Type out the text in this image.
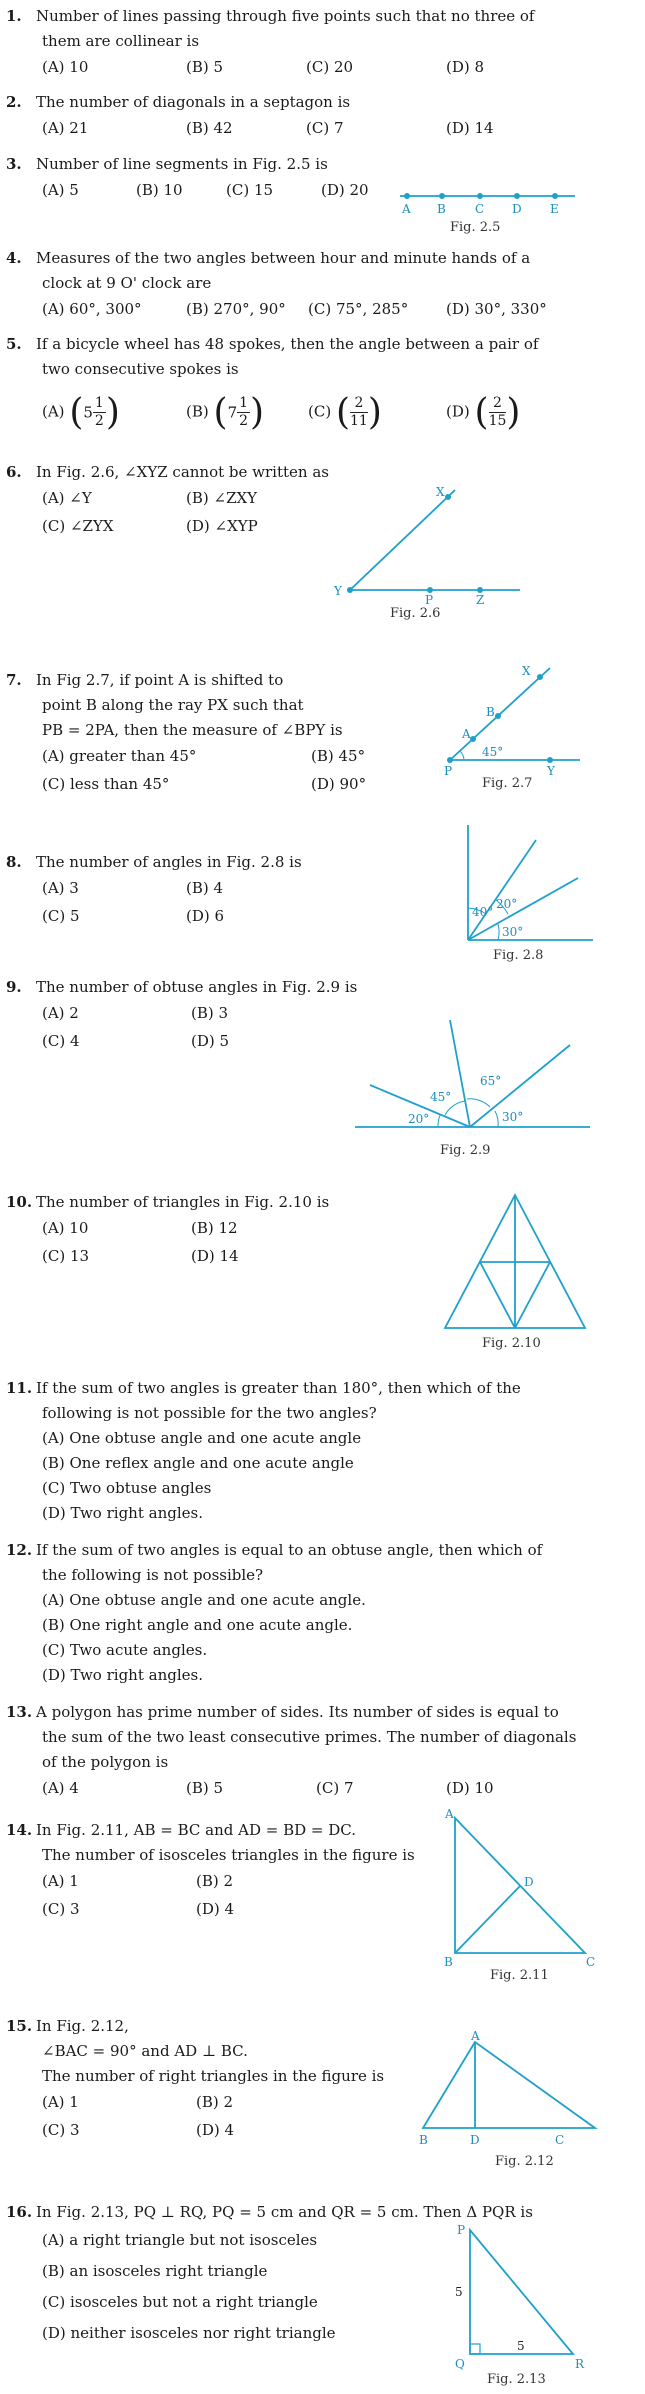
1. Number of lines passing through five points such that no three of
them are collinear is
(A) 10	(B) 5	(C) 20	(D) 8
2. The number of diagonals in a septagon is
(A) 21	(B) 42	(C) 7	(D) 14
3. Number of line segments in Fig. 2.5 is
(A) 5	(B) 10	(C) 15	(D) 20
A B C D E
Fig. 2.5
4. Measures of the two angles between hour and minute hands of a
clock at 9 O' clock are
(A) 60°, 300°	(B) 270°, 90° (C) 75°, 285°	(D) 30°, 330°
5. If a bicycle wheel has 48 spokes, then the angle between a pair of
two consecutive spokes is
(A) ($5 \frac{1}{2}$ )	(B) ($7 \frac{1}{2}$ )	(C) ( $\frac{2}{11}$ )	(D) ( $\frac{2}{15}$ )
6. In Fig. 2.6, ∠XYZ cannot be written as
(A) ∠Y	(B) ∠ZXY
(C) ∠ZYX	(D) ∠XYP
X
Y
P	Z
Fig. 2.6
7. In Fig 2.7, if point A is shifted to
point B along the ray PX such that
PB = 2PA, then the measure of ∠BPY is
(A) greater than 45°	(B) 45°
(C) less than 45°	(D) 90°
X
B
A
P	Y
45°
Fig. 2.7
8. The number of angles in Fig. 2.8 is
(A) 3	(B) 4
(C) 5	(D) 6	40°
20°
30°
Fig. 2.8
9. The number of obtuse angles in Fig. 2.9 is
(A) 2	(B) 3
(C) 4	(D) 5
45°
65°
20°	30°
Fig. 2.9
10. The number of triangles in Fig. 2.10 is
(A) 10	(B) 12
(C) 13	(D) 14
Fig. 2.10
11. If the sum of two angles is greater than 180°, then which of the
following is not possible for the two angles?
(A) One obtuse angle and one acute angle
(B) One reflex angle and one acute angle
(C) Two obtuse angles
(D) Two right angles.
12. If the sum of two angles is equal to an obtuse angle, then which of
the following is not possible?
(A) One obtuse angle and one acute angle.
(B) One right angle and one acute angle.
(C) Two acute angles.
(D) Two right angles.
13. A polygon has prime number of sides. Its number of sides is equal to
the sum of the two least consecutive primes. The number of diagonals
of the polygon is
(A) 4	(B) 5	(C) 7	(D) 10
14. In Fig. 2.11, AB = BC and AD = BD = DC.
The number of isosceles triangles in the figure is
(A) 1	(B) 2
(C) 3	(D) 4
A
D
B	C
Fig. 2.11
15. In Fig. 2.12,
∠BAC = 90° and AD ⊥ BC.
The number of right triangles in the figure is
(A) 1	(B) 2
(C) 3	(D) 4
A
B	D	C
Fig. 2.12
16. In Fig. 2.13, PQ ⊥ RQ, PQ = 5 cm and QR = 5 cm. Then Δ PQR is
(A) a right triangle but not isosceles
(B) an isosceles right triangle
(C) isosceles but not a right triangle
(D) neither isosceles nor right triangle
P
Q	R
5
5
Fig. 2.13
